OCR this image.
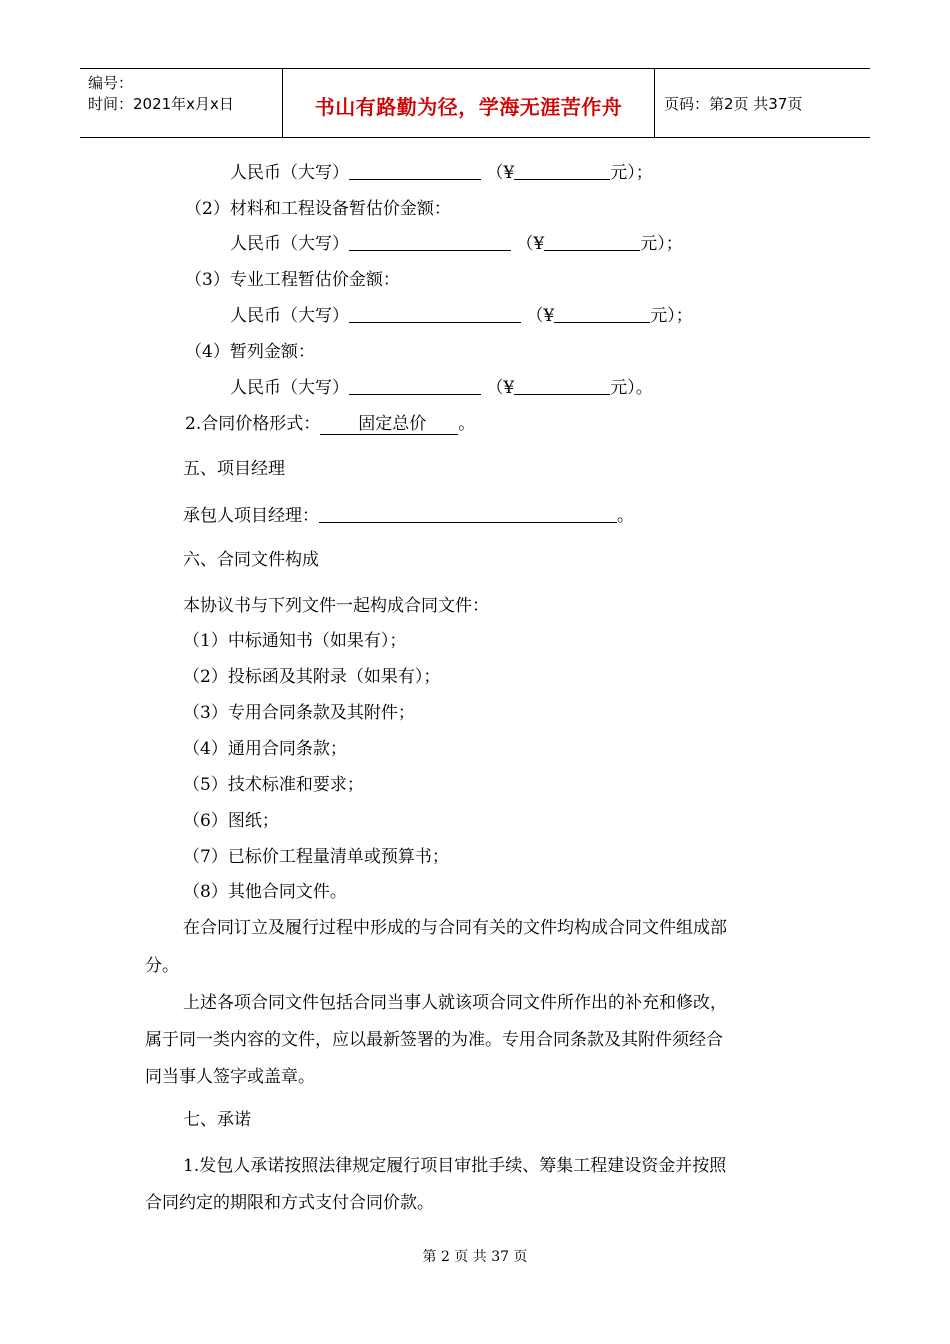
编号：
时间：2021年x月x日	书山有路勤为径，学海无涯苦作舟	页码：第2页 共37页
人民币（大写）	（¥	元）；
（2）材料和工程设备暂估价金额：
人民币（大写）	（¥	元）；
（3）专业工程暂估价金额：
人民币（大写）	（¥	元）；
（4）暂列金额：
人民币（大写）	（¥	元）。
2.合同价格形式： 固定总价 。
五、项目经理
承包人项目经理：	。
六、合同文件构成
本协议书与下列文件一起构成合同文件：
（1）中标通知书（如果有）；
（2）投标函及其附录（如果有）；
（3）专用合同条款及其附件；
（4）通用合同条款；
（5）技术标准和要求；
（6）图纸；
（7）已标价工程量清单或预算书；
（8）其他合同文件。
在合同订立及履行过程中形成的与合同有关的文件均构成合同文件组成部
分。
上述各项合同文件包括合同当事人就该项合同文件所作出的补充和修改，
属于同一类内容的文件，应以最新签署的为准。专用合同条款及其附件须经合
同当事人签字或盖章。
七、承诺
1.发包人承诺按照法律规定履行项目审批手续、筹集工程建设资金并按照
合同约定的期限和方式支付合同价款。
第 2 页 共 37 页
